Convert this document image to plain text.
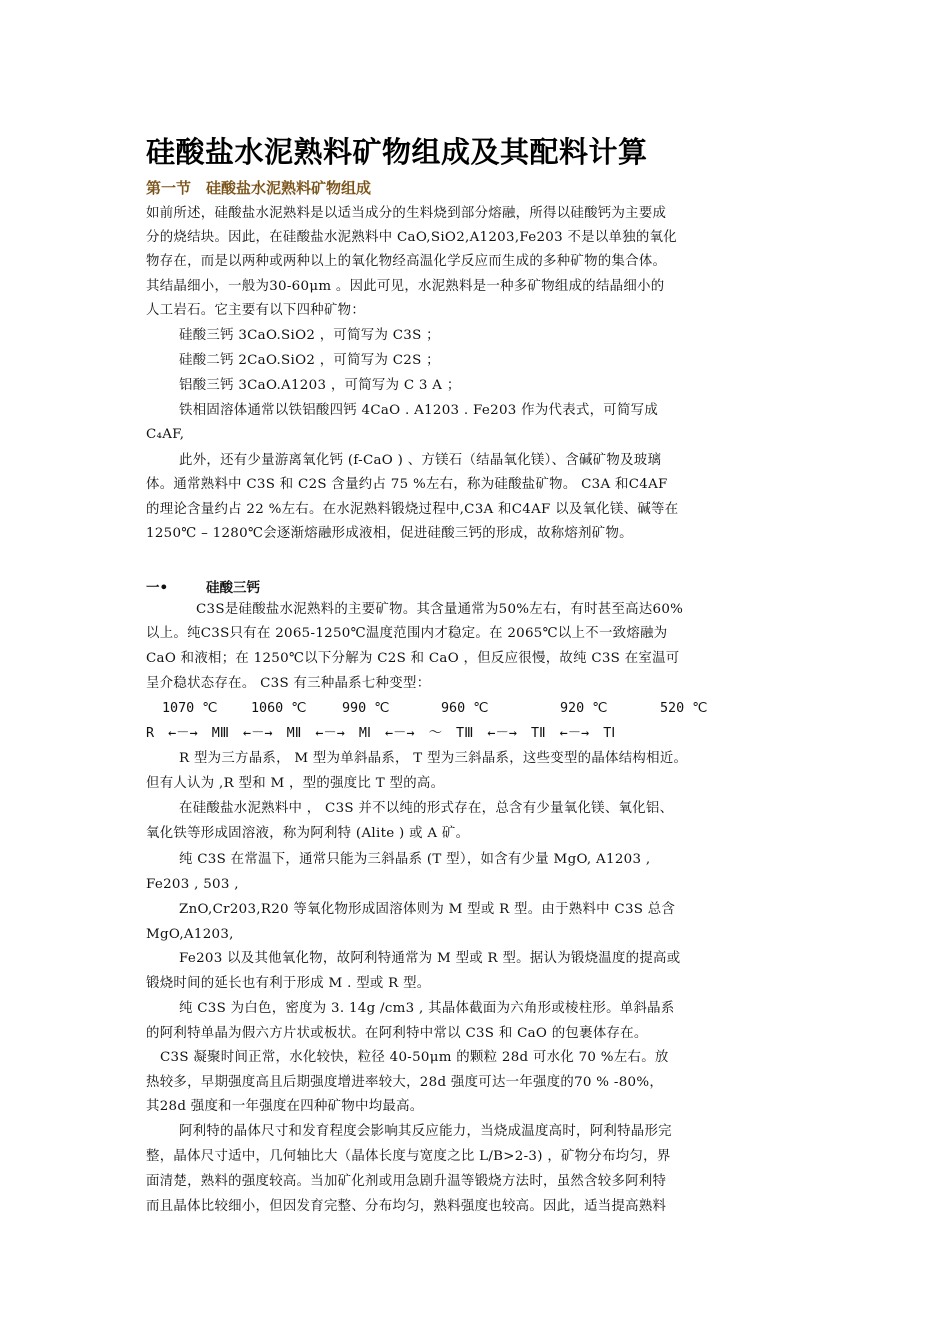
硅酸盐水泥熟料矿物组成及其配料计算
第一节　硅酸盐水泥熟料矿物组成
如前所述，硅酸盐水泥熟料是以适当成分的生料烧到部分熔融，所得以硅酸钙为主要成
分的烧结块。因此，在硅酸盐水泥熟料中 CaO,SiO2,A1203,Fe203 不是以单独的氧化
物存在，而是以两种或两种以上的氧化物经高温化学反应而生成的多种矿物的集合体。
其结晶细小，一般为30-60μm 。因此可见，水泥熟料是一种多矿物组成的结晶细小的
人工岩石。它主要有以下四种矿物：
硅酸三钙 3CaO.SiO2 ，可简写为 C3S ；
硅酸二钙 2CaO.SiO2 ，可简写为 C2S ；
铝酸三钙 3CaO.A1203 ，可简写为 C 3 A ；
铁相固溶体通常以铁铝酸四钙 4CaO . A1203 . Fe203 作为代表式，可简写成
C₄AF,
此外，还有少量游离氧化钙 (f-CaO ) 、方镁石（结晶氧化镁）、含碱矿物及玻璃
体。通常熟料中 C3S 和 C2S 含量约占 75 %左右，称为硅酸盐矿物。 C3A 和C4AF
的理论含量约占 22 %左右。在水泥熟料锻烧过程中,C3A 和C4AF 以及氧化镁、碱等在
1250℃ – 1280℃会逐渐熔融形成液相，促进硅酸三钙的形成，故称熔剂矿物。
一•	硅酸三钙
C3S是硅酸盐水泥熟料的主要矿物。其含量通常为50%左右，有时甚至高达60%
以上。纯C3S只有在 2065-1250℃温度范围内才稳定。在 2065℃以上不一致熔融为
CaO 和液相；在 1250℃以下分解为 C2S 和 CaO ，但反应很慢，故纯 C3S 在室温可
呈介稳状态存在。 C3S 有三种晶系七种变型：
1070 ℃	1060 ℃	990 ℃	960 ℃	920 ℃	520 ℃
R ←－→ MⅢ ←－→ MⅡ ←－→ MⅠ ←－→ ～ TⅢ ←－→ TⅡ ←－→ TⅠ
R 型为三方晶系， M 型为单斜晶系， T 型为三斜晶系，这些变型的晶体结构相近。
但有人认为 ,R 型和 M ，型的强度比 T 型的高。
在硅酸盐水泥熟料中 ， C3S 并不以纯的形式存在，总含有少量氧化镁、氧化铝、
氧化铁等形成固溶液，称为阿利特 (Alite ) 或 A 矿。
纯 C3S 在常温下，通常只能为三斜晶系 (T 型），如含有少量 MgO, A1203 ,
Fe203 , 503 ,
ZnO,Cr203,R20 等氧化物形成固溶体则为 M 型或 R 型。由于熟料中 C3S 总含
MgO,A1203,
Fe203 以及其他氧化物，故阿利特通常为 M 型或 R 型。据认为锻烧温度的提高或
锻烧时间的延长也有利于形成 M . 型或 R 型。
纯 C3S 为白色，密度为 3. 14g /cm3 , 其晶体截面为六角形或棱柱形。单斜晶系
的阿利特单晶为假六方片状或板状。在阿利特中常以 C3S 和 CaO 的包裹体存在。
C3S 凝聚时间正常，水化较快，粒径 40-50μm 的颗粒 28d 可水化 70 %左右。放
热较多，早期强度高且后期强度增进率较大，28d 强度可达一年强度的70 % -80%，
其28d 强度和一年强度在四种矿物中均最高。
阿利特的晶体尺寸和发育程度会影响其反应能力，当烧成温度高时，阿利特晶形完
整，晶体尺寸适中，几何轴比大（晶体长度与宽度之比 L/B>2-3) ，矿物分布均匀，界
面清楚，熟料的强度较高。当加矿化剂或用急剧升温等锻烧方法时，虽然含较多阿利特
而且晶体比较细小，但因发育完整、分布均匀，熟料强度也较高。因此，适当提高熟料
